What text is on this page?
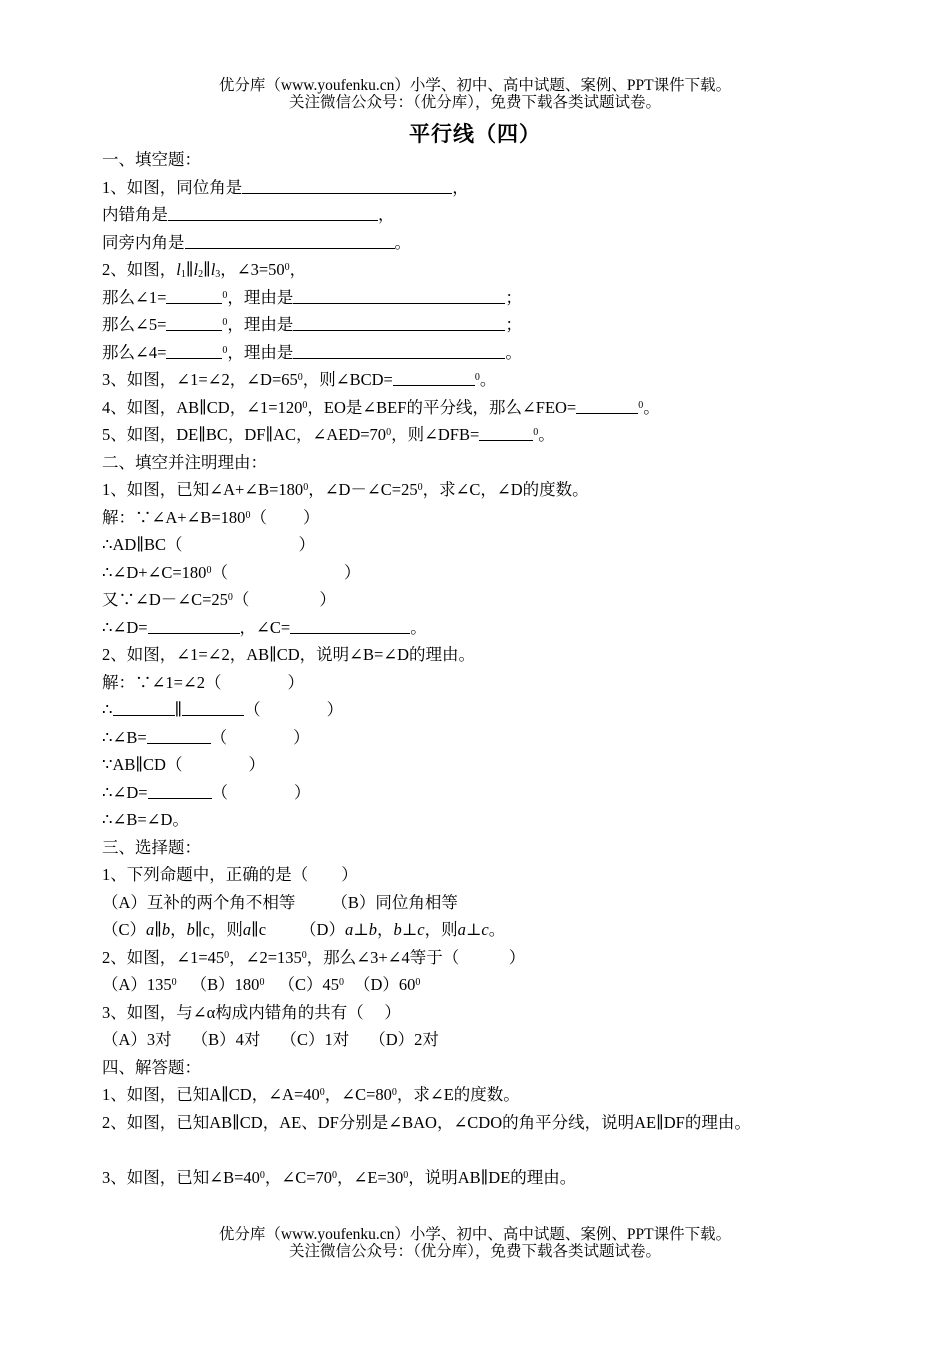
优分库（www.youfenku.cn）小学、初中、高中试题、案例、PPT课件下载。
关注微信公众号：（优分库），免费下载各类试题试卷。
平行线（四）
一、填空题：
1、如图，同位角是	，
内错角是	，
同旁内角是	。
2、如图，$l_1\parallel l_2\parallel l_3$，$\angle 3=50^0$，
那么∠1=	$^0$，理由是	；
那么∠5=	$^0$，理由是	；
那么∠4=	$^0$，理由是	。
3、如图，∠1=∠2，$\angle D=65^0$，则∠BCD=	$^0$。
4、如图，AB∥CD，$\angle 1=120^0$，EO是∠BEF的平分线，那么∠FEO=	$^0$。
5、如图，DE∥BC，DF∥AC，$\angle AED=70^0$，则∠DFB=	$^0$。
二、填空并注明理由：
1、如图，已知$\angle A+\angle B=180^0$，$\angle D-\angle C=25^0$，求∠C，∠D的度数。
解：$\because\angle A+\angle B=180^0$（ ）
∴AD∥BC（	）
$\therefore\angle D+\angle C=180^0$（	）
又$\because\angle D-\angle C=25^0$（	）
∴∠D=	，∠C=	。
2、如图，∠1=∠2，AB∥CD，说明∠B=∠D的理由。
解：∵∠1=∠2（	）
∴	∥	（	）
∴∠B=	（	）
∵AB∥CD（	）
∴∠D=	（	）
∴∠B=∠D。
三、选择题：
1、下列命题中，正确的是（　　）
（A）互补的两个角不相等 （B）同位角相等
（C）a∥b，b∥c，则a∥c （D）a⊥b，b⊥c，则a⊥c。
2、如图，$\angle 1=45^0$，$\angle 2=135^0$，那么∠3+∠4等于（　　　）
$(A)135^0$ $(B)180^0$ $(C)45^0$ $(D)60^0$
3、如图，与∠α构成内错角的共有（　 ）
（A）3对 （B）4对 （C）1对 （D）2对
四、解答题：
1、如图，已知A∥CD，$\angle A=40^0$，$\angle C=80^0$，求∠E的度数。
2、如图，已知AB∥CD，AE、DF分别是∠BAO，∠CDO的角平分线，说明AE∥DF的理由。
3、如图，已知$\angle B=40^0$，$\angle C=70^0$，$\angle E=30^0$，说明AB∥DE的理由。
优分库（www.youfenku.cn）小学、初中、高中试题、案例、PPT课件下载。
关注微信公众号：（优分库），免费下载各类试题试卷。
